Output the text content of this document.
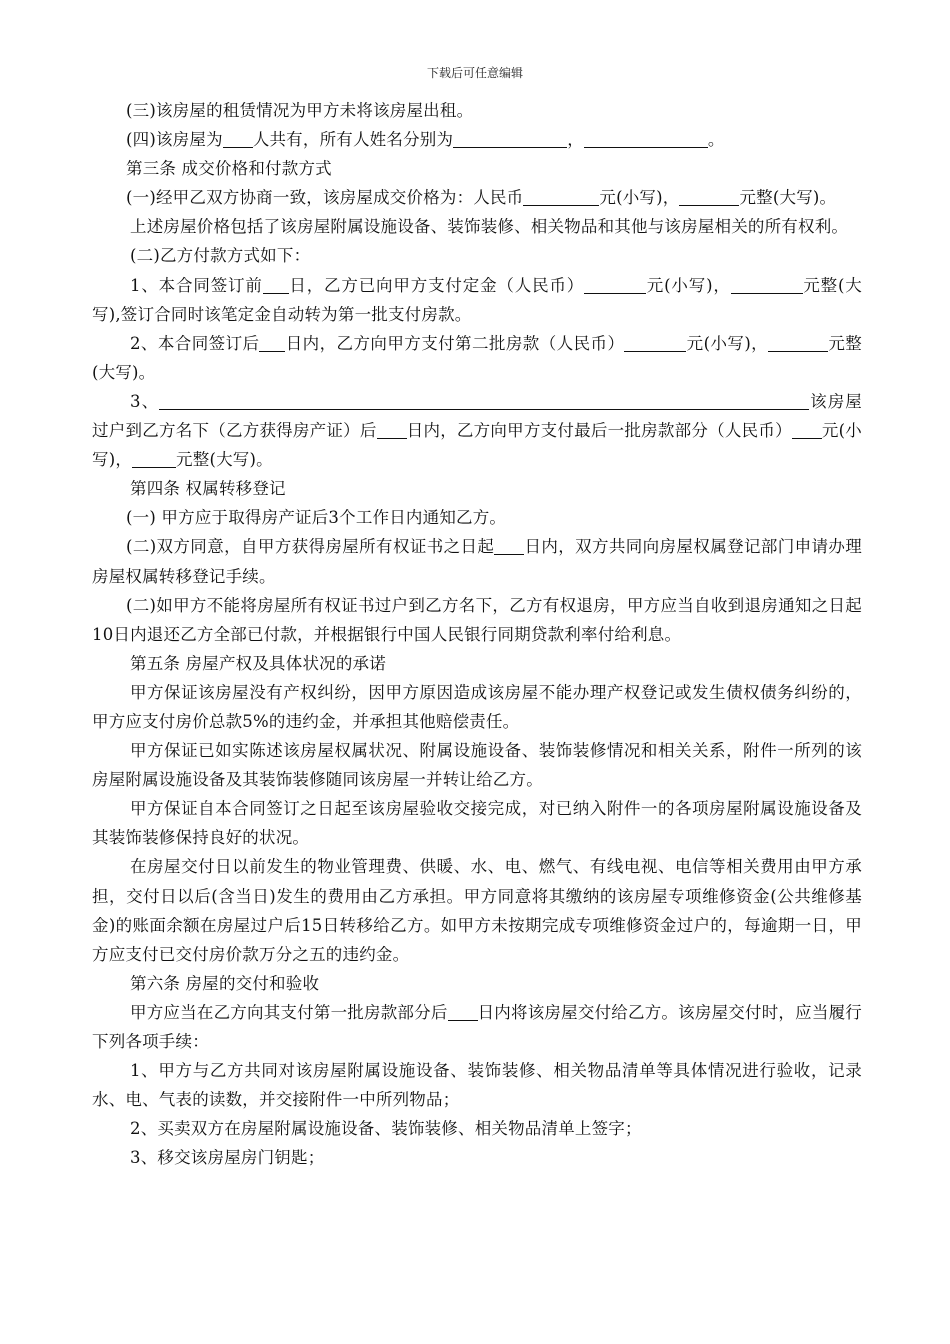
下载后可任意编辑

(三)该房屋的租赁情况为甲方未将该房屋出租。

(四)该房屋为 人共有，所有人姓名分别为	，	。

第三条 成交价格和付款方式

(一)经甲乙双方协商一致，该房屋成交价格为：人民币	元(小写)，	元整(大写)。

上述房屋价格包括了该房屋附属设施设备、装饰装修、相关物品和其他与该房屋相关的所有权利。

(二)乙方付款方式如下：

1、本合同签订前 日，乙方已向甲方支付定金（人民币）	元(小写)，	元整(大写),签订合同时该笔定金自动转为第一批支付房款。

2、本合同签订后 日内，乙方向甲方支付第二批房款（人民币）	元(小写)，	元整(大写)。

3、	该房屋过户到乙方名下（乙方获得房产证）后 日内，乙方向甲方支付最后一批房款部分（人民币） 元(小写)，	元整(大写)。

第四条 权属转移登记

(一) 甲方应于取得房产证后3个工作日内通知乙方。

(二)双方同意，自甲方获得房屋所有权证书之日起 日内，双方共同向房屋权属登记部门申请办理房屋权属转移登记手续。

(二)如甲方不能将房屋所有权证书过户到乙方名下，乙方有权退房，甲方应当自收到退房通知之日起10日内退还乙方全部已付款，并根据银行中国人民银行同期贷款利率付给利息。

第五条 房屋产权及具体状况的承诺

甲方保证该房屋没有产权纠纷，因甲方原因造成该房屋不能办理产权登记或发生债权债务纠纷的，甲方应支付房价总款5%的违约金，并承担其他赔偿责任。

甲方保证已如实陈述该房屋权属状况、附属设施设备、装饰装修情况和相关关系，附件一所列的该房屋附属设施设备及其装饰装修随同该房屋一并转让给乙方。

甲方保证自本合同签订之日起至该房屋验收交接完成，对已纳入附件一的各项房屋附属设施设备及其装饰装修保持良好的状况。

在房屋交付日以前发生的物业管理费、供暖、水、电、燃气、有线电视、电信等相关费用由甲方承担，交付日以后(含当日)发生的费用由乙方承担。甲方同意将其缴纳的该房屋专项维修资金(公共维修基金)的账面余额在房屋过户后15日转移给乙方。如甲方未按期完成专项维修资金过户的，每逾期一日，甲方应支付已交付房价款万分之五的违约金。

第六条 房屋的交付和验收

甲方应当在乙方向其支付第一批房款部分后 日内将该房屋交付给乙方。该房屋交付时，应当履行下列各项手续：

1、甲方与乙方共同对该房屋附属设施设备、装饰装修、相关物品清单等具体情况进行验收，记录水、电、气表的读数，并交接附件一中所列物品；

2、买卖双方在房屋附属设施设备、装饰装修、相关物品清单上签字；

3、移交该房屋房门钥匙；
